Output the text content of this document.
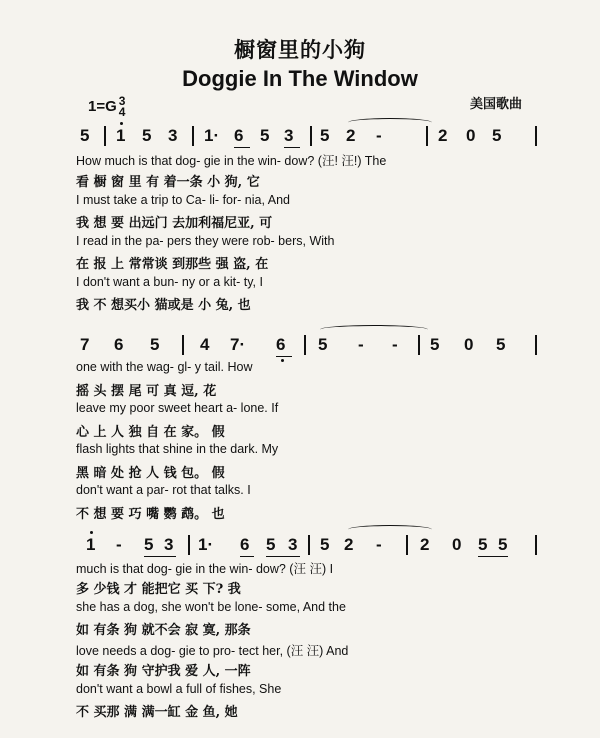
橱窗里的小狗
Doggie In The Window
1=G 3
4	美国歌曲
5 1 5 3 1· 6 5 3 5 2 -	2 0 5
How much is that dog- gie in the win- dow? (汪! 汪!) The
看 橱 窗 里 有 着一条 小 狗, 它
I must take a trip to Ca- li- for- nia, And
我 想 要 出远门 去加利福尼亚, 可
I read in the pa- pers they were rob- bers, With
在 报 上 常常谈 到那些 强 盗, 在
I don't want a bun- ny or a kit- ty, I
我 不 想买小 猫或是 小 兔, 也
7 6 5 4 7· 6 5 - - 5 0 5
one with the wag- gl- y tail. How
摇 头 摆 尾 可 真 逗, 花
leave my poor sweet heart a- lone. If
心 上 人 独 自 在 家。 假
flash lights that shine in the dark. My
黑 暗 处 抢 人 钱 包。 假
don't want a par- rot that talks. I
不 想 要 巧 嘴 鹦 鹉。 也
1 - 5 3 1· 6 5 3 5 2 - 2 0 5 5
much is that dog- gie in the win- dow? (汪 汪) I
多 少钱 才 能把它 买 下? 我
she has a dog, she won't be lone- some, And the
如 有条 狗 就不会 寂 寞, 那条
love needs a dog- gie to pro- tect her, (汪 汪) And
如 有条 狗 守护我 爱 人, 一阵
don't want a bowl a full of fishes, She
不 买那 满 满一缸 金 鱼, 她
